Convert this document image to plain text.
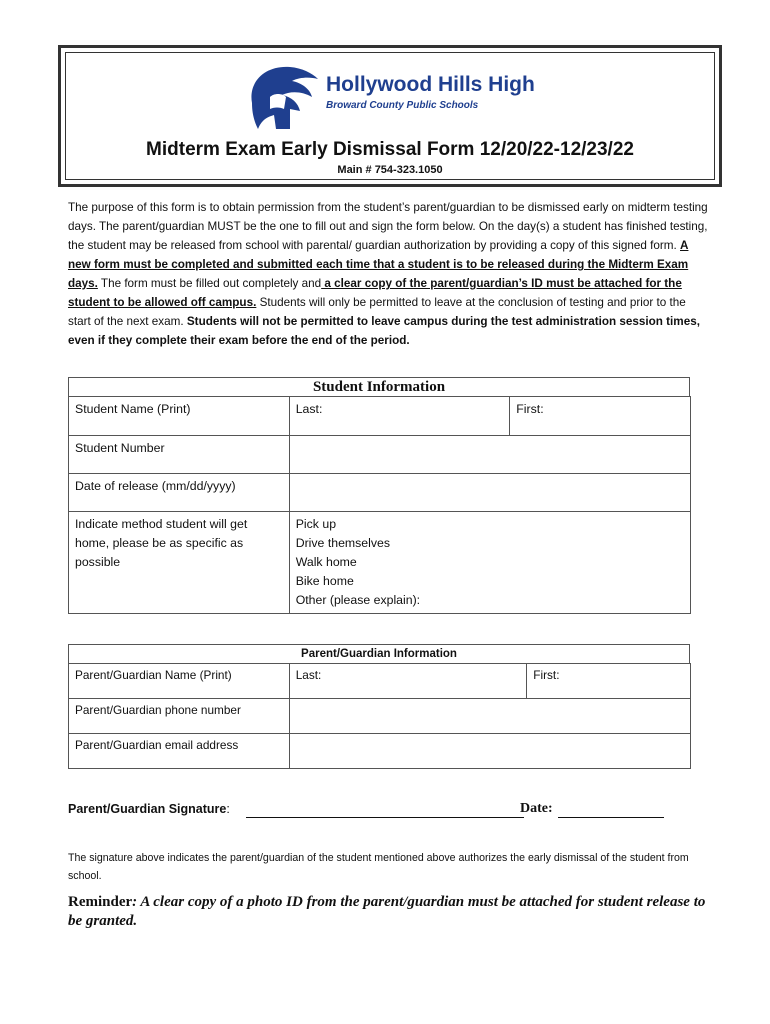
Hollywood Hills High
Broward County Public Schools
Midterm Exam Early Dismissal Form 12/20/22-12/23/22
Main # 754-323.1050
The purpose of this form is to obtain permission from the student’s parent/guardian to be dismissed early on midterm testing days. The parent/guardian MUST be the one to fill out and sign the form below. On the day(s) a student has finished testing, the student may be released from school with parental/ guardian authorization by providing a copy of this signed form. A new form must be completed and submitted each time that a student is to be released during the Midterm Exam days. The form must be filled out completely and a clear copy of the parent/guardian’s ID must be attached for the student to be allowed off campus. Students will only be permitted to leave at the conclusion of testing and prior to the start of the next exam. Students will not be permitted to leave campus during the test administration session times, even if they complete their exam before the end of the period.
Student Information
Student Name (Print)	Last:	First:
Student Number		
Date of release (mm/dd/yyyy)		
Indicate method student will get home, please be as specific as possible	Pick up
Drive themselves
Walk home
Bike home
Other (please explain):	
Parent/Guardian Information
Parent/Guardian Name (Print)	Last:	First:
Parent/Guardian phone number		
Parent/Guardian email address		
Parent/Guardian Signature:	Date:
The signature above indicates the parent/guardian of the student mentioned above authorizes the early dismissal of the student from school.
Reminder: A clear copy of a photo ID from the parent/guardian must be attached for student release to be granted.
